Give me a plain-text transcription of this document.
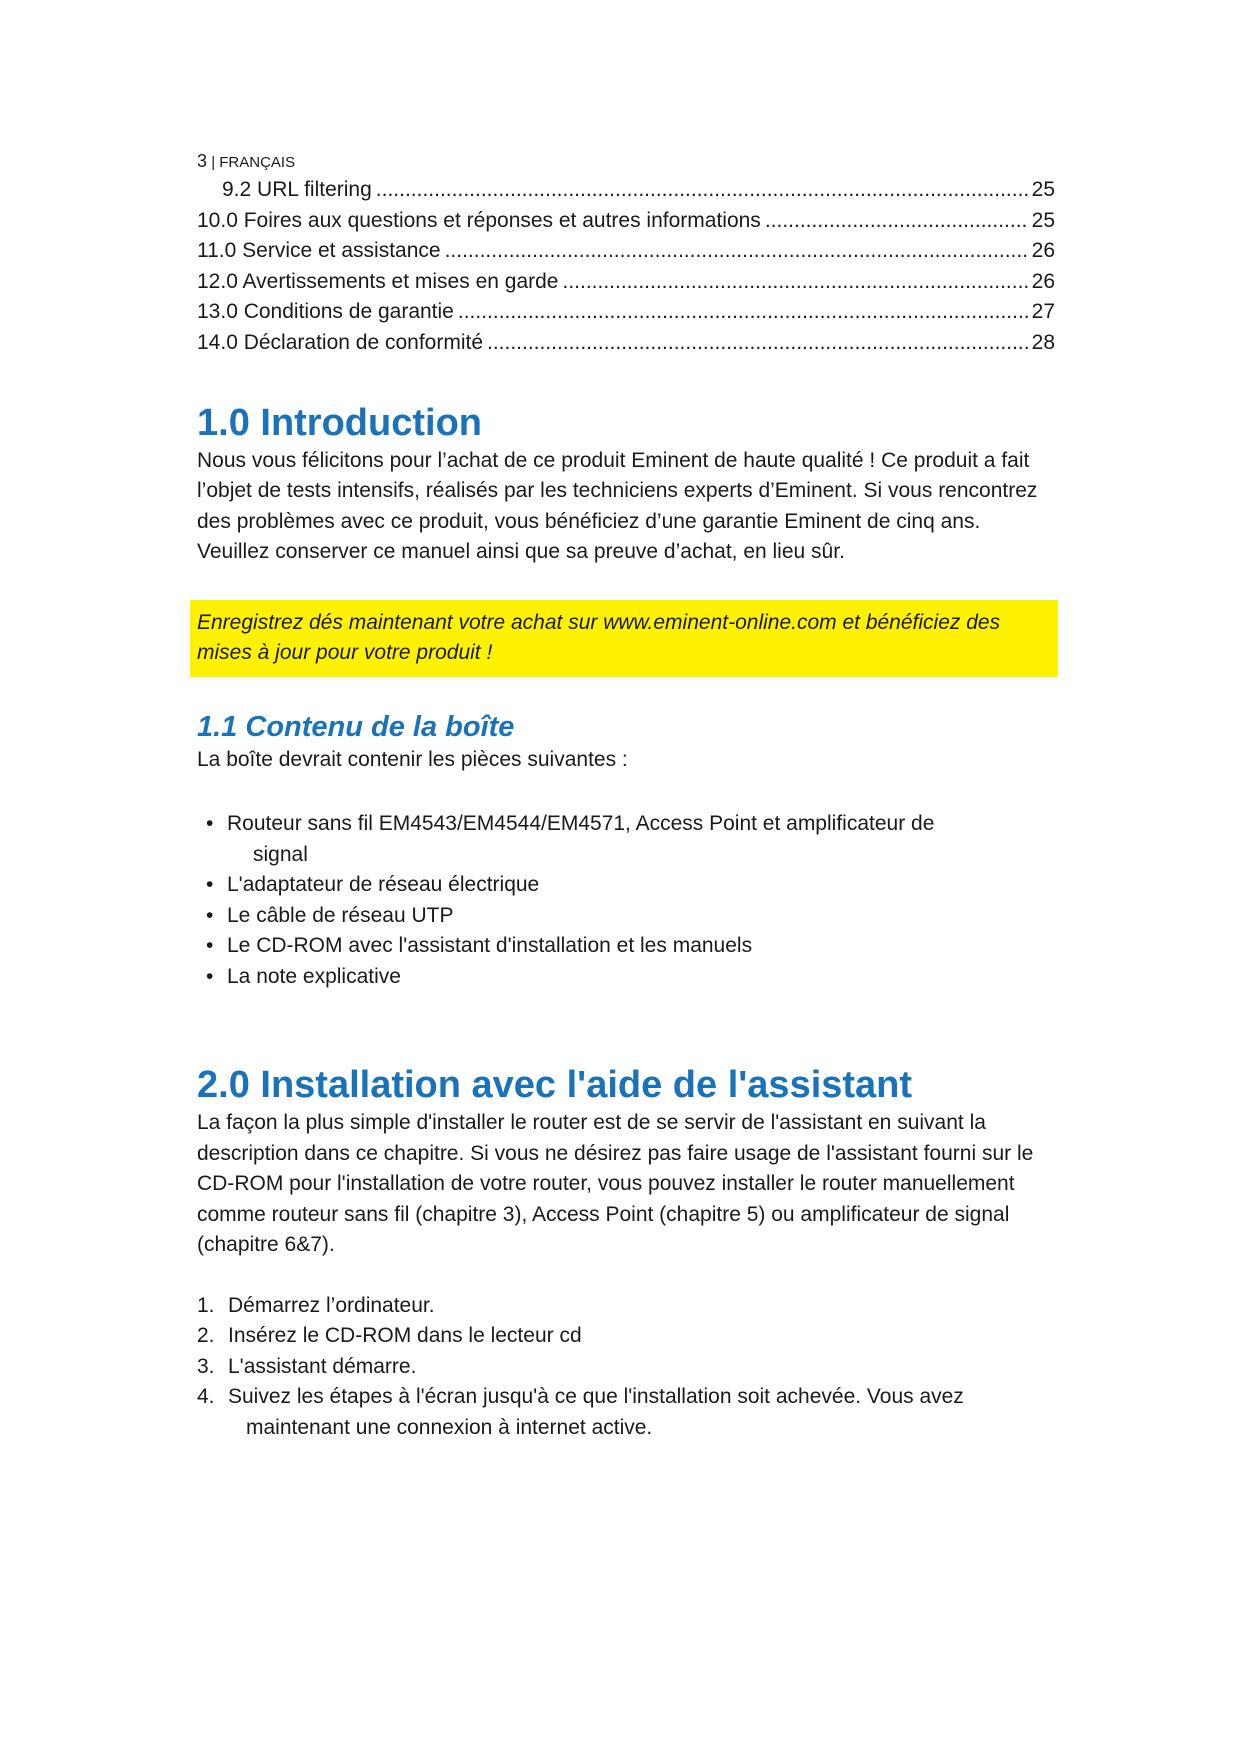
3 | FRANÇAIS
9.2 URL filtering .....	25
10.0 Foires aux questions et réponses et autres informations .....	25
11.0 Service et assistance .....	26
12.0 Avertissements et mises en garde .....	26
13.0 Conditions de garantie .....	27
14.0 Déclaration de conformité .....	28
1.0 Introduction

Nous vous félicitons pour l’achat de ce produit Eminent de haute qualité ! Ce produit a fait l’objet de tests intensifs, réalisés par les techniciens experts d’Eminent. Si vous rencontrez des problèmes avec ce produit, vous bénéficiez d’une garantie Eminent de cinq ans. Veuillez conserver ce manuel ainsi que sa preuve d’achat, en lieu sûr.

Enregistrez dés maintenant votre achat sur www.eminent-online.com et bénéficiez des mises à jour pour votre produit !
1.1 Contenu de la boîte

La boîte devrait contenir les pièces suivantes :

• Routeur sans fil EM4543/EM4544/EM4571, Access Point et amplificateur de
signal
• L'adaptateur de réseau électrique
• Le câble de réseau UTP
• Le CD-ROM avec l'assistant d'installation et les manuels
• La note explicative
2.0 Installation avec l'aide de l'assistant

La façon la plus simple d'installer le router est de se servir de l'assistant en suivant la description dans ce chapitre. Si vous ne désirez pas faire usage de l'assistant fourni sur le CD-ROM pour l'installation de votre router, vous pouvez installer le router manuellement comme routeur sans fil (chapitre 3), Access Point (chapitre 5) ou amplificateur de signal (chapitre 6&7).

1. Démarrez l’ordinateur.
2. Insérez le CD-ROM dans le lecteur cd
3. L'assistant démarre.
4. Suivez les étapes à l'écran jusqu'à ce que l'installation soit achevée. Vous avez
maintenant une connexion à internet active.
